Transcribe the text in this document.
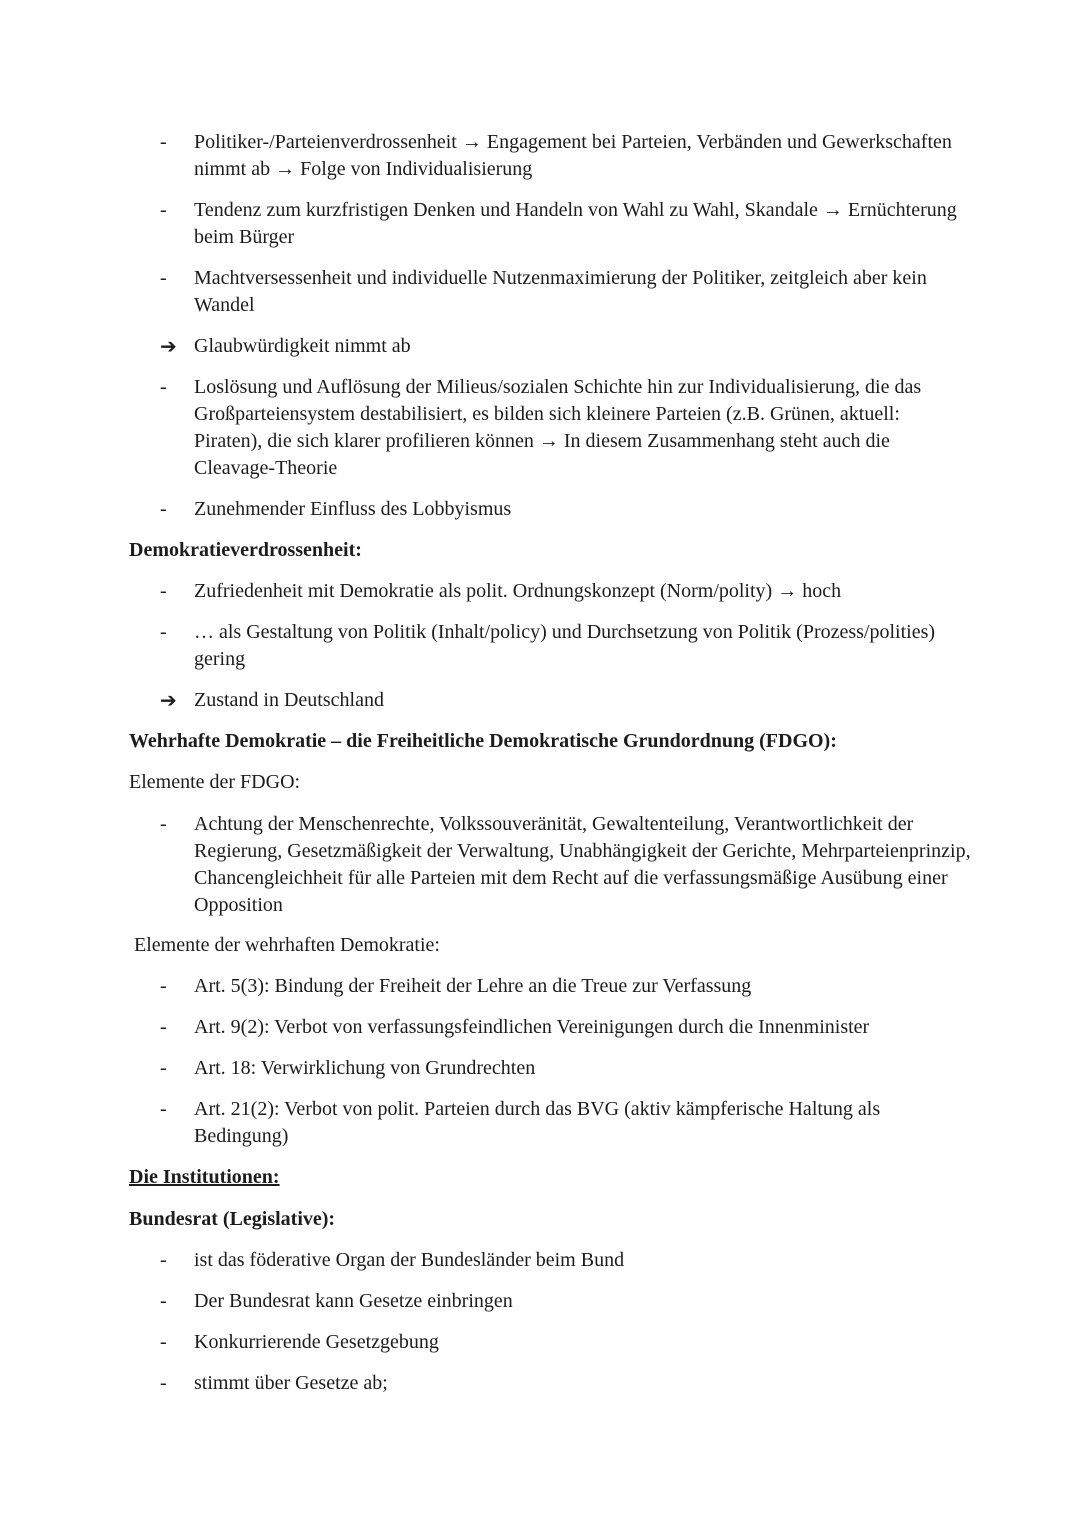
- Politiker-/Parteienverdrossenheit → Engagement bei Parteien, Verbänden und Gewerkschaften nimmt ab → Folge von Individualisierung
- Tendenz zum kurzfristigen Denken und Handeln von Wahl zu Wahl, Skandale → Ernüchterung beim Bürger
- Machtversessenheit und individuelle Nutzenmaximierung der Politiker, zeitgleich aber kein Wandel
➔ Glaubwürdigkeit nimmt ab
- Loslösung und Auflösung der Milieus/sozialen Schichte hin zur Individualisierung, die das Großparteiensystem destabilisiert, es bilden sich kleinere Parteien (z.B. Grünen, aktuell: Piraten), die sich klarer profilieren können → In diesem Zusammenhang steht auch die Cleavage-Theorie
- Zunehmender Einfluss des Lobbyismus
Demokratieverdrossenheit:
- Zufriedenheit mit Demokratie als polit. Ordnungskonzept (Norm/polity) → hoch
- … als Gestaltung von Politik (Inhalt/policy) und Durchsetzung von Politik (Prozess/polities) gering
➔ Zustand in Deutschland
Wehrhafte Demokratie – die Freiheitliche Demokratische Grundordnung (FDGO):
Elemente der FDGO:
- Achtung der Menschenrechte, Volkssouveränität, Gewaltenteilung, Verantwortlichkeit der Regierung, Gesetzmäßigkeit der Verwaltung, Unabhängigkeit der Gerichte, Mehrparteienprinzip, Chancengleichheit für alle Parteien mit dem Recht auf die verfassungsmäßige Ausübung einer Opposition
Elemente der wehrhaften Demokratie:
- Art. 5(3): Bindung der Freiheit der Lehre an die Treue zur Verfassung
- Art. 9(2): Verbot von verfassungsfeindlichen Vereinigungen durch die Innenminister
- Art. 18: Verwirklichung von Grundrechten
- Art. 21(2): Verbot von polit. Parteien durch das BVG (aktiv kämpferische Haltung als Bedingung)
Die Institutionen:
Bundesrat (Legislative):
- ist das föderative Organ der Bundesländer beim Bund
- Der Bundesrat kann Gesetze einbringen
- Konkurrierende Gesetzgebung
- stimmt über Gesetze ab;
